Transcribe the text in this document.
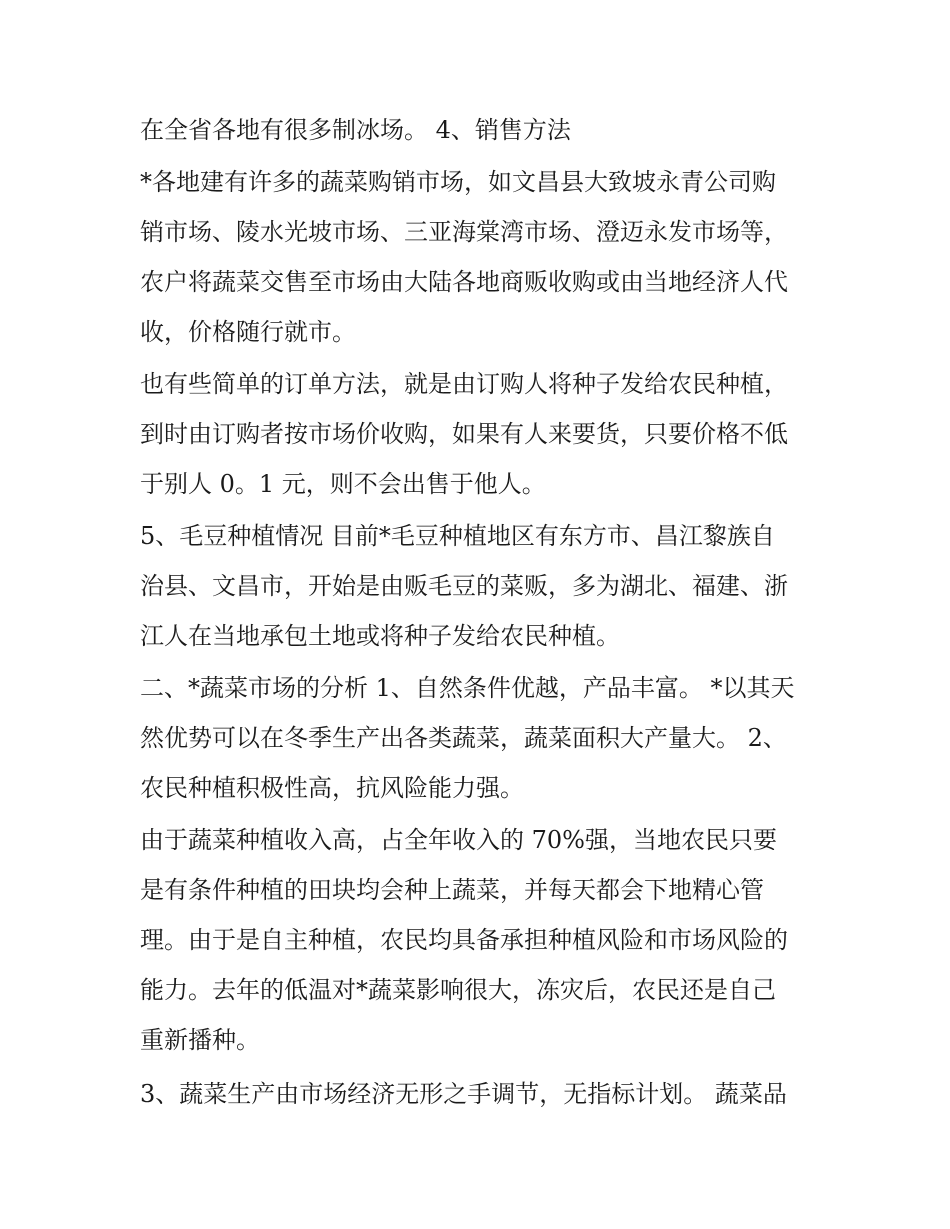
在全省各地有很多制冰场。 4、销售方法

*各地建有许多的蔬菜购销市场，如文昌县大致坡永青公司购

销市场、陵水光坡市场、三亚海棠湾市场、澄迈永发市场等，

农户将蔬菜交售至市场由大陆各地商贩收购或由当地经济人代

收，价格随行就市。

也有些简单的订单方法，就是由订购人将种子发给农民种植，

到时由订购者按市场价收购，如果有人来要货，只要价格不低

于别人 0。1 元，则不会出售于他人。

5、毛豆种植情况 目前*毛豆种植地区有东方市、昌江黎族自

治县、文昌市，开始是由贩毛豆的菜贩，多为湖北、福建、浙

江人在当地承包土地或将种子发给农民种植。

二、*蔬菜市场的分析 1、自然条件优越，产品丰富。 *以其天

然优势可以在冬季生产出各类蔬菜，蔬菜面积大产量大。 2、

农民种植积极性高，抗风险能力强。

由于蔬菜种植收入高，占全年收入的 70%强，当地农民只要

是有条件种植的田块均会种上蔬菜，并每天都会下地精心管

理。由于是自主种植，农民均具备承担种植风险和市场风险的

能力。去年的低温对*蔬菜影响很大，冻灾后，农民还是自己

重新播种。

3、蔬菜生产由市场经济无形之手调节，无指标计划。 蔬菜品
